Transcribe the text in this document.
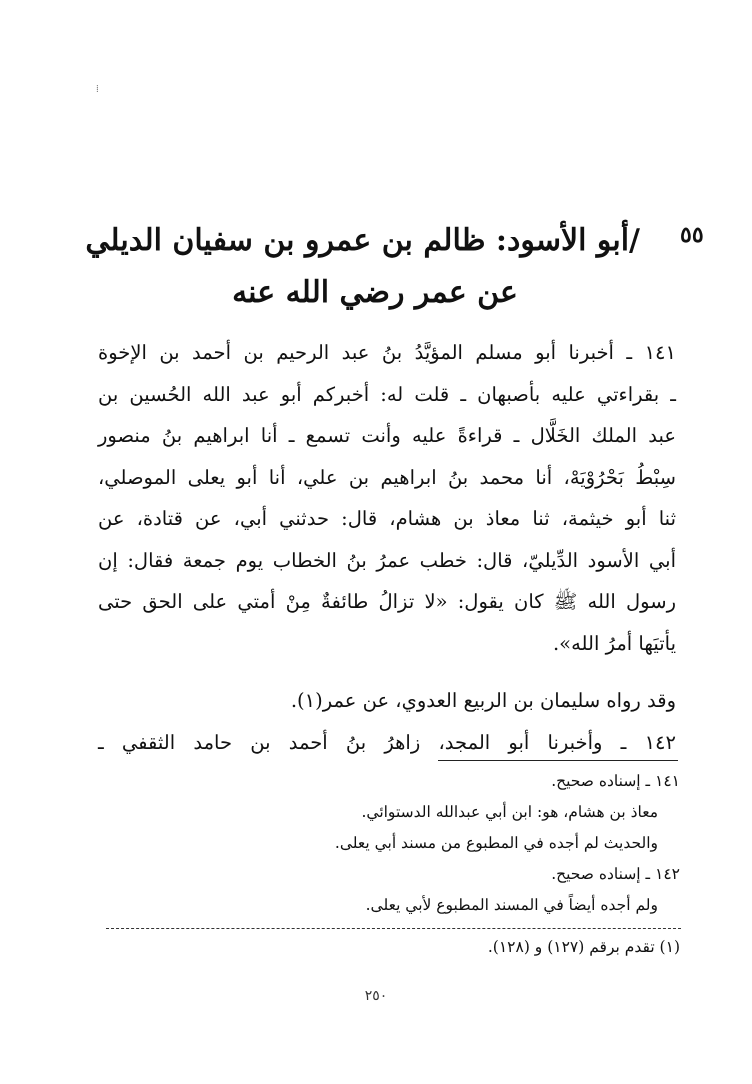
⁞
٥٥
/أبو الأسود: ظالم بن عمرو بن سفيان الديلي
عن عمر رضي الله عنه
١٤١ ـ أخبرنا أبو مسلم المؤيَّدُ بنُ عبد الرحيم بن أحمد بن الإخوة
ـ بقراءتي عليه بأصبهان ـ قلت له: أخبركم أبو عبد الله الحُسين بن
عبد الملك الخَلَّال ـ قراءةً عليه وأنت تسمع ـ أنا ابراهيم بنُ منصور
سِبْطُ بَحْرُوْيَهْ، أنا محمد بنُ ابراهيم بن علي، أنا أبو يعلى الموصلي،
ثنا أبو خيثمة، ثنا معاذ بن هشام، قال: حدثني أبي، عن قتادة، عن
أبي الأسود الدِّيليّ، قال: خطب عمرُ بنُ الخطاب يوم جمعة فقال: إن
رسول الله ﷺ كان يقول: «لا تزالُ طائفةٌ مِنْ أمتي على الحق حتى
يأتيَها أمرُ الله».
وقد رواه سليمان بن الربيع العدوي، عن عمر(١).
١٤٢ ـ وأخبرنا أبو المجد، زاهرُ بنُ أحمد بن حامد الثقفي ـ
١٤١ ـ إسناده صحيح.
معاذ بن هشام، هو: ابن أبي عبدالله الدستوائي.
والحديث لم أجده في المطبوع من مسند أبي يعلى.
١٤٢ ـ إسناده صحيح.
ولم أجده أيضاً في المسند المطبوع لأبي يعلى.
(١) تقدم برقم (١٢٧) و (١٢٨).
٢٥٠
